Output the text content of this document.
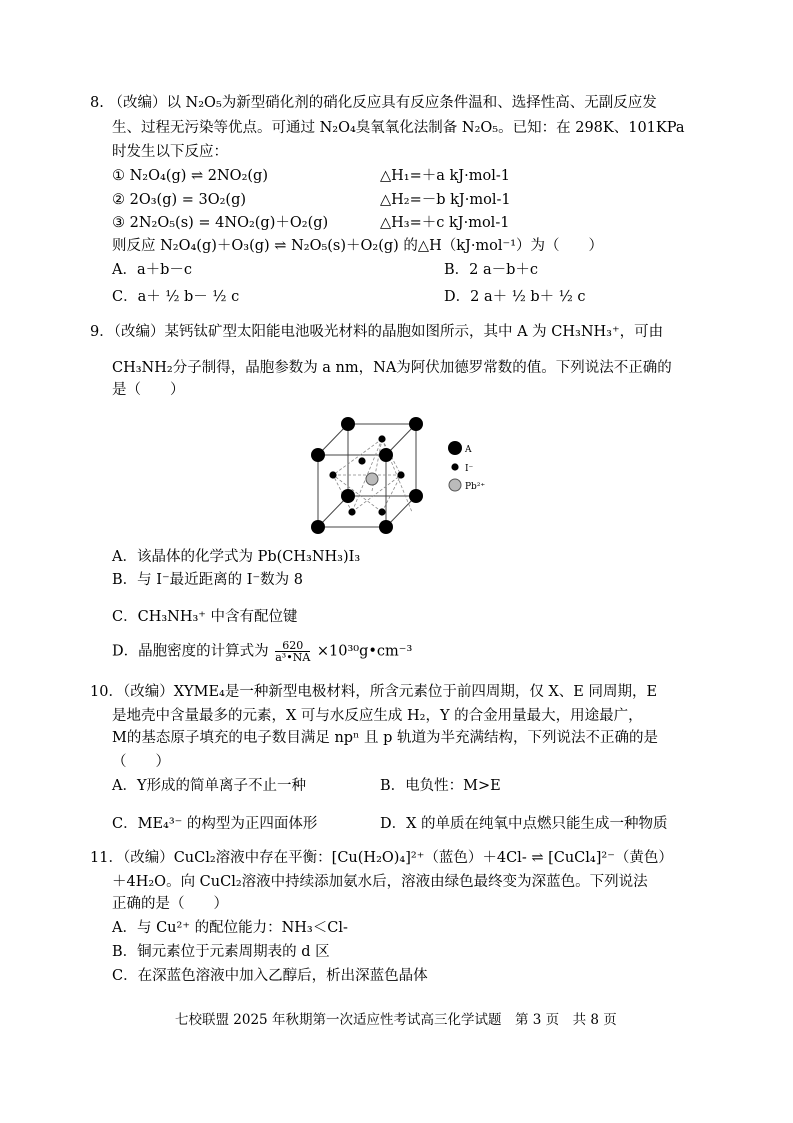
8. （改编）以 N₂O₅为新型硝化剂的硝化反应具有反应条件温和、选择性高、无副反应发
生、过程无污染等优点。可通过 N₂O₄臭氧氧化法制备 N₂O₅。已知：在 298K、101KPa
时发生以下反应：
① N₂O₄(g) ⇌ 2NO₂(g)	△H₁=＋a kJ·mol-1
② 2O₃(g) = 3O₂(g)	△H₂=－b kJ·mol-1
③ 2N₂O₅(s) = 4NO₂(g)＋O₂(g)	△H₃=＋c kJ·mol-1
则反应 N₂O₄(g)＋O₃(g) ⇌ N₂O₅(s)＋O₂(g) 的△H（kJ·mol⁻¹）为（　　）
A．a＋b－c	B．2 a－b＋c
C．a＋ ½ b－ ½ c	D．2 a＋ ½ b＋ ½ c
9．（改编）某钙钛矿型太阳能电池吸光材料的晶胞如图所示，其中 A 为 CH₃NH₃⁺，可由
CH₃NH₂分子制得，晶胞参数为 a nm，NA为阿伏加德罗常数的值。下列说法不正确的
是（　　）
A
I⁻
Pb²⁺
A．该晶体的化学式为 Pb(CH₃NH₃)I₃
B．与 I⁻最近距离的 I⁻数为 8
C．CH₃NH₃⁺ 中含有配位键
D．晶胞密度的计算式为 $\frac{620}{\text{a³•NA}}$ ×10³⁰g•cm⁻³
10．（改编）XYME₄是一种新型电极材料，所含元素位于前四周期，仅 X、E 同周期，E
是地壳中含量最多的元素，X 可与水反应生成 H₂，Y 的合金用量最大，用途最广，
M的基态原子填充的电子数目满足 npⁿ 且 p 轨道为半充满结构，下列说法不正确的是
（　　）
A．Y形成的简单离子不止一种	B．电负性：M>E
C．ME₄³⁻ 的构型为正四面体形	D．X 的单质在纯氧中点燃只能生成一种物质
11．（改编）CuCl₂溶液中存在平衡：[Cu(H₂O)₄]²⁺（蓝色）＋4Cl- ⇌ [CuCl₄]²⁻（黄色）
＋4H₂O。向 CuCl₂溶液中持续添加氨水后，溶液由绿色最终变为深蓝色。下列说法
正确的是（　　）
A．与 Cu²⁺ 的配位能力：NH₃＜Cl-
B．铜元素位于元素周期表的 d 区
C．在深蓝色溶液中加入乙醇后，析出深蓝色晶体
七校联盟 2025 年秋期第一次适应性考试高三化学试题　第 3 页　共 8 页
